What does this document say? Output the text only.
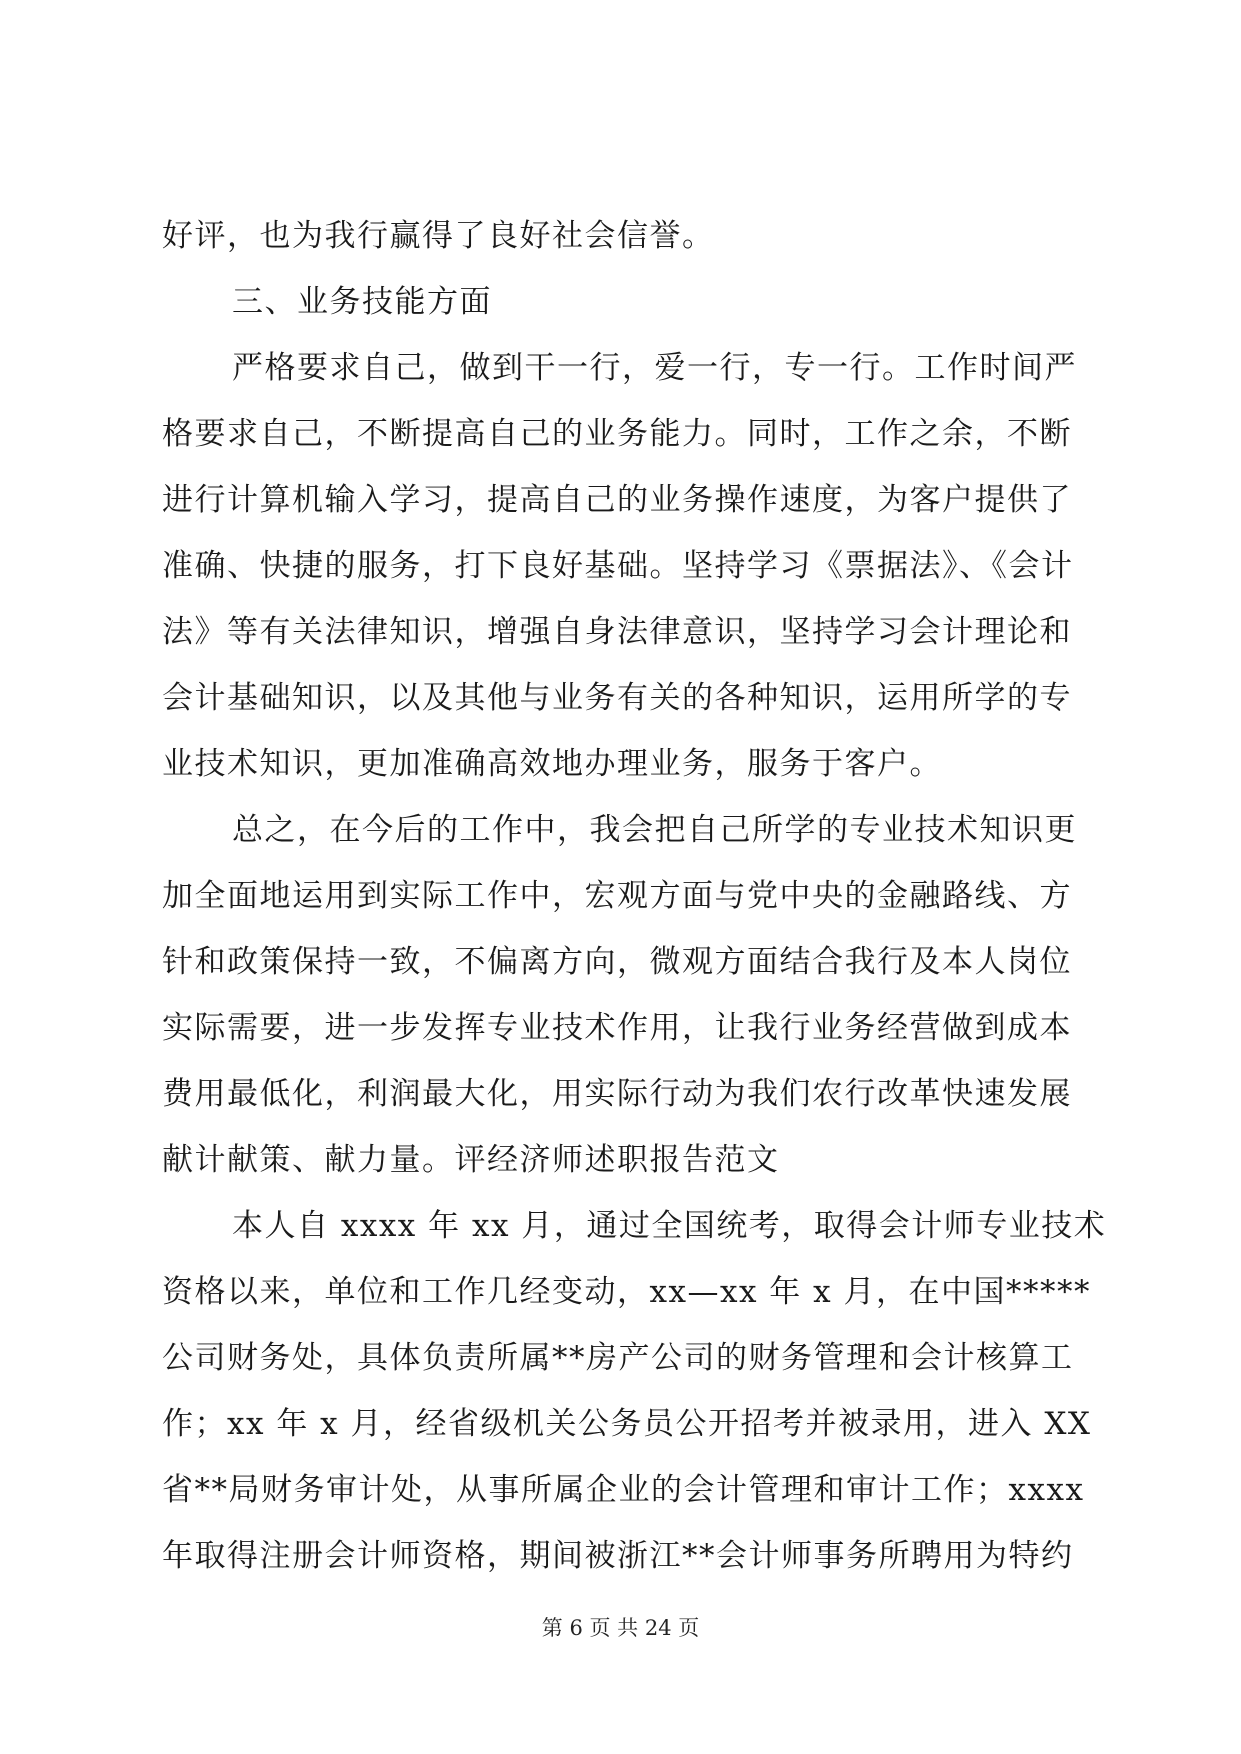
好评，也为我行赢得了良好社会信誉。
三、业务技能方面
严格要求自己，做到干一行，爱一行，专一行。工作时间严
格要求自己，不断提高自己的业务能力。同时，工作之余，不断
进行计算机输入学习，提高自己的业务操作速度，为客户提供了
准确、快捷的服务，打下良好基础。坚持学习《票据法》、《会计
法》等有关法律知识，增强自身法律意识，坚持学习会计理论和
会计基础知识，以及其他与业务有关的各种知识，运用所学的专
业技术知识，更加准确高效地办理业务，服务于客户。
总之，在今后的工作中，我会把自己所学的专业技术知识更
加全面地运用到实际工作中，宏观方面与党中央的金融路线、方
针和政策保持一致，不偏离方向，微观方面结合我行及本人岗位
实际需要，进一步发挥专业技术作用，让我行业务经营做到成本
费用最低化，利润最大化，用实际行动为我们农行改革快速发展
献计献策、献力量。评经济师述职报告范文
本人自 xxxx 年 xx 月，通过全国统考，取得会计师专业技术
资格以来，单位和工作几经变动，xx—xx 年 x 月，在中国*****
公司财务处，具体负责所属**房产公司的财务管理和会计核算工
作；xx 年 x 月，经省级机关公务员公开招考并被录用，进入 XX
省**局财务审计处，从事所属企业的会计管理和审计工作；xxxx
年取得注册会计师资格，期间被浙江**会计师事务所聘用为特约
第 6 页 共 24 页
